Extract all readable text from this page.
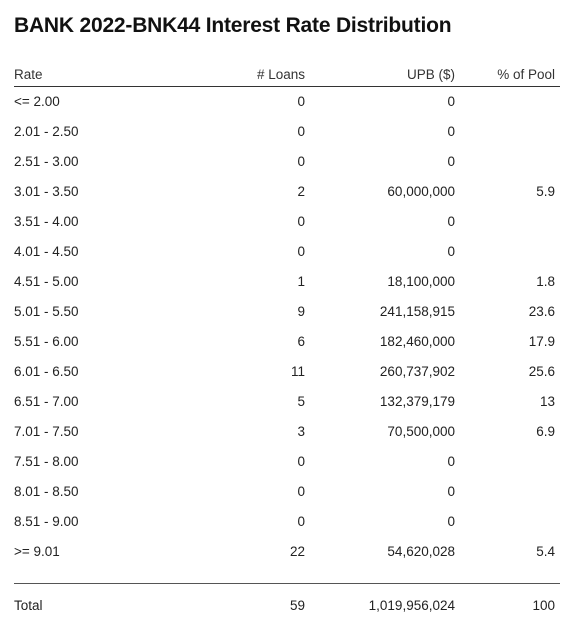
BANK 2022-BNK44 Interest Rate Distribution
Rate	# Loans	UPB ($)	% of Pool
<= 2.00	0	0
2.01 - 2.50	0	0
2.51 - 3.00	0	0
3.01 - 3.50	2	60,000,000	5.9
3.51 - 4.00	0	0
4.01 - 4.50	0	0
4.51 - 5.00	1	18,100,000	1.8
5.01 - 5.50	9	241,158,915	23.6
5.51 - 6.00	6	182,460,000	17.9
6.01 - 6.50	11	260,737,902	25.6
6.51 - 7.00	5	132,379,179	13
7.01 - 7.50	3	70,500,000	6.9
7.51 - 8.00	0	0
8.01 - 8.50	0	0
8.51 - 9.00	0	0
>= 9.01	22	54,620,028	5.4
Total	59	1,019,956,024	100
